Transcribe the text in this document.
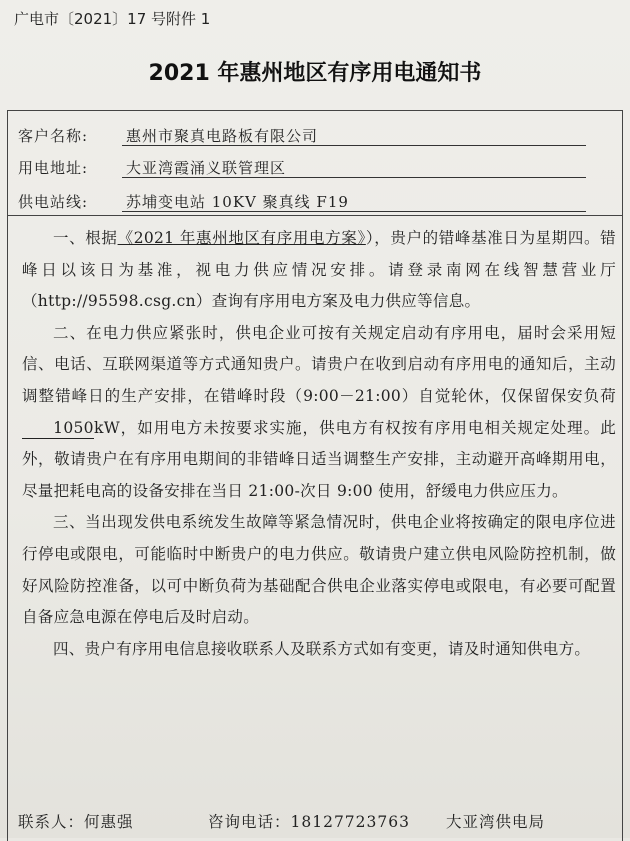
广电市〔2021〕17 号附件 1
2021 年惠州地区有序用电通知书
客户名称:	惠州市聚真电路板有限公司
用电地址:	大亚湾霞涌义联管理区
供电站线:	苏埔变电站 10KV 聚真线 F19

一、根据《2021 年惠州地区有序用电方案》），贵户的错峰基准日为星期四。错峰日以该日为基准，视电力供应情况安排。请登录南网在线智慧营业厅（http://95598.csg.cn）查询有序用电方案及电力供应等信息。

二、在电力供应紧张时，供电企业可按有关规定启动有序用电，届时会采用短信、电话、互联网渠道等方式通知贵户。请贵户在收到启动有序用电的通知后，主动调整错峰日的生产安排，在错峰时段（9:00－21:00）自觉轮休，仅保留保安负荷1050kW，如用电方未按要求实施，供电方有权按有序用电相关规定处理。此外，敬请贵户在有序用电期间的非错峰日适当调整生产安排，主动避开高峰期用电，尽量把耗电高的设备安排在当日 21:00-次日 9:00 使用，舒缓电力供应压力。

三、当出现发供电系统发生故障等紧急情况时，供电企业将按确定的限电序位进行停电或限电，可能临时中断贵户的电力供应。敬请贵户建立供电风险防控机制，做好风险防控准备，以可中断负荷为基础配合供电企业落实停电或限电，有必要可配置自备应急电源在停电后及时启动。

四、贵户有序用电信息接收联系人及联系方式如有变更，请及时通知供电方。

联系人：何惠强	咨询电话：18127723763 大亚湾供电局
